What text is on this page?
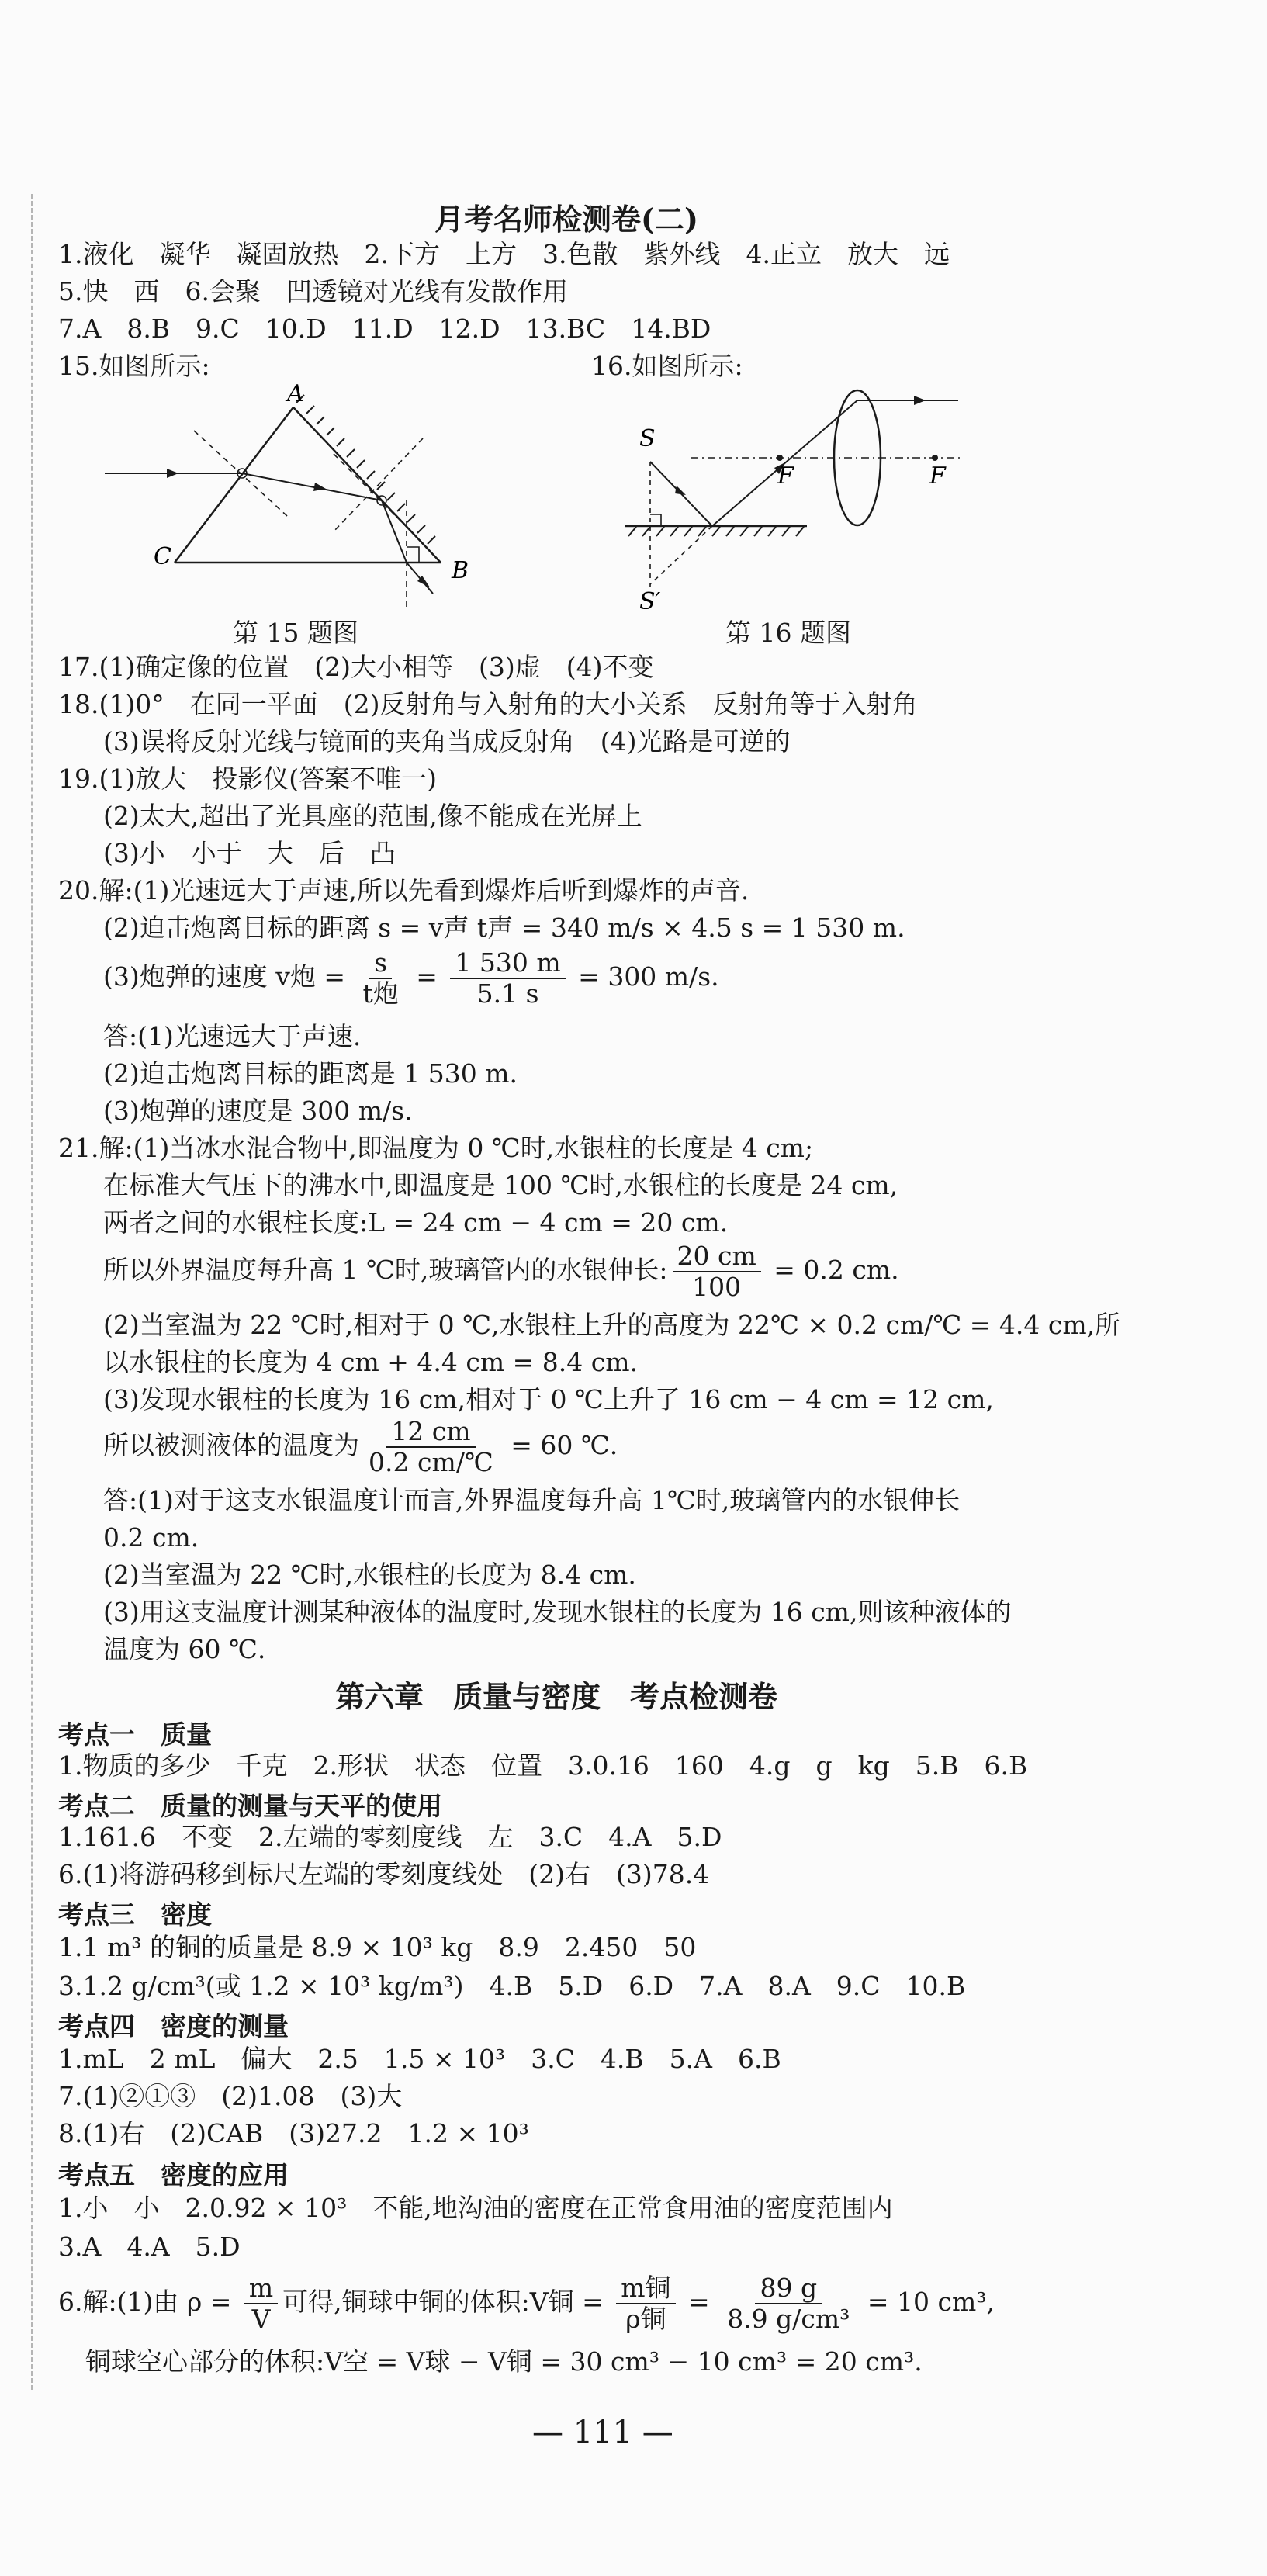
月考名师检测卷(二)
1.液化　凝华　凝固放热　2.下方　上方　3.色散　紫外线　4.正立　放大　远
5.快　西　6.会聚　凹透镜对光线有发散作用
7.A　8.B　9.C　10.D　11.D　12.D　13.BC　14.BD
15.如图所示:	16.如图所示:
A
B
C
S
S′
F	F
第 15 题图	第 16 题图
17.(1)确定像的位置　(2)大小相等　(3)虚　(4)不变
18.(1)0°　在同一平面　(2)反射角与入射角的大小关系　反射角等于入射角
(3)误将反射光线与镜面的夹角当成反射角　(4)光路是可逆的
19.(1)放大　投影仪(答案不唯一)
(2)太大,超出了光具座的范围,像不能成在光屏上
(3)小　小于　大　后　凸
20.解:(1)光速远大于声速,所以先看到爆炸后听到爆炸的声音.
(2)迫击炮离目标的距离 s = v声 t声 = 340 m/s × 4.5 s = 1 530 m.
(3)炮弹的速度 v炮 = $\frac{s}{\text{t炮}} = \frac{1 530 m}{5.1 s} = 300$ m/s.
答:(1)光速远大于声速.
(2)迫击炮离目标的距离是 1 530 m.
(3)炮弹的速度是 300 m/s.
21.解:(1)当冰水混合物中,即温度为 0 ℃时,水银柱的长度是 4 cm;
在标准大气压下的沸水中,即温度是 100 ℃时,水银柱的长度是 24 cm,
两者之间的水银柱长度:L = 24 cm − 4 cm = 20 cm.
所以外界温度每升高 1 ℃时,玻璃管内的水银伸长: $\frac{20 cm}{100} = 0.2$ cm.
(2)当室温为 22 ℃时,相对于 0 ℃,水银柱上升的高度为 22℃ × 0.2 cm/℃ = 4.4 cm,所
以水银柱的长度为 4 cm + 4.4 cm = 8.4 cm.
(3)发现水银柱的长度为 16 cm,相对于 0 ℃上升了 16 cm − 4 cm = 12 cm,
所以被测液体的温度为 $\frac{12 cm}{0.2 cm/℃} = 60$ ℃.
答:(1)对于这支水银温度计而言,外界温度每升高 1℃时,玻璃管内的水银伸长
0.2 cm.
(2)当室温为 22 ℃时,水银柱的长度为 8.4 cm.
(3)用这支温度计测某种液体的温度时,发现水银柱的长度为 16 cm,则该种液体的
温度为 60 ℃.
第六章　质量与密度　考点检测卷
考点一　质量
1.物质的多少　千克　2.形状　状态　位置　3.0.16　160　4.g　g　kg　5.B　6.B
考点二　质量的测量与天平的使用
1.161.6　不变　2.左端的零刻度线　左　3.C　4.A　5.D
6.(1)将游码移到标尺左端的零刻度线处　(2)右　(3)78.4
考点三　密度
1.1 m³ 的铜的质量是 8.9 × 10³ kg　8.9　2.450　50
3.1.2 g/cm³(或 1.2 × 10³ kg/m³)　4.B　5.D　6.D　7.A　8.A　9.C　10.B
考点四　密度的测量
1.mL　2 mL　偏大　2.5　1.5 × 10³　3.C　4.B　5.A　6.B
7.(1)②①③　(2)1.08　(3)大
8.(1)右　(2)CAB　(3)27.2　1.2 × 10³
考点五　密度的应用
1.小　小　2.0.92 × 10³　不能,地沟油的密度在正常食用油的密度范围内
3.A　4.A　5.D
6.解:(1)由 $\rho = \frac{m}{V}$ 可得,铜球中铜的体积:V铜 = $\frac{\text{m铜}}{\text{ρ铜}} = \frac{89 g}{\text{8.9 g/cm³}} = 10$ cm³,
铜球空心部分的体积:V空 = V球 − V铜 = 30 cm³ − 10 cm³ = 20 cm³.
— 111 —
